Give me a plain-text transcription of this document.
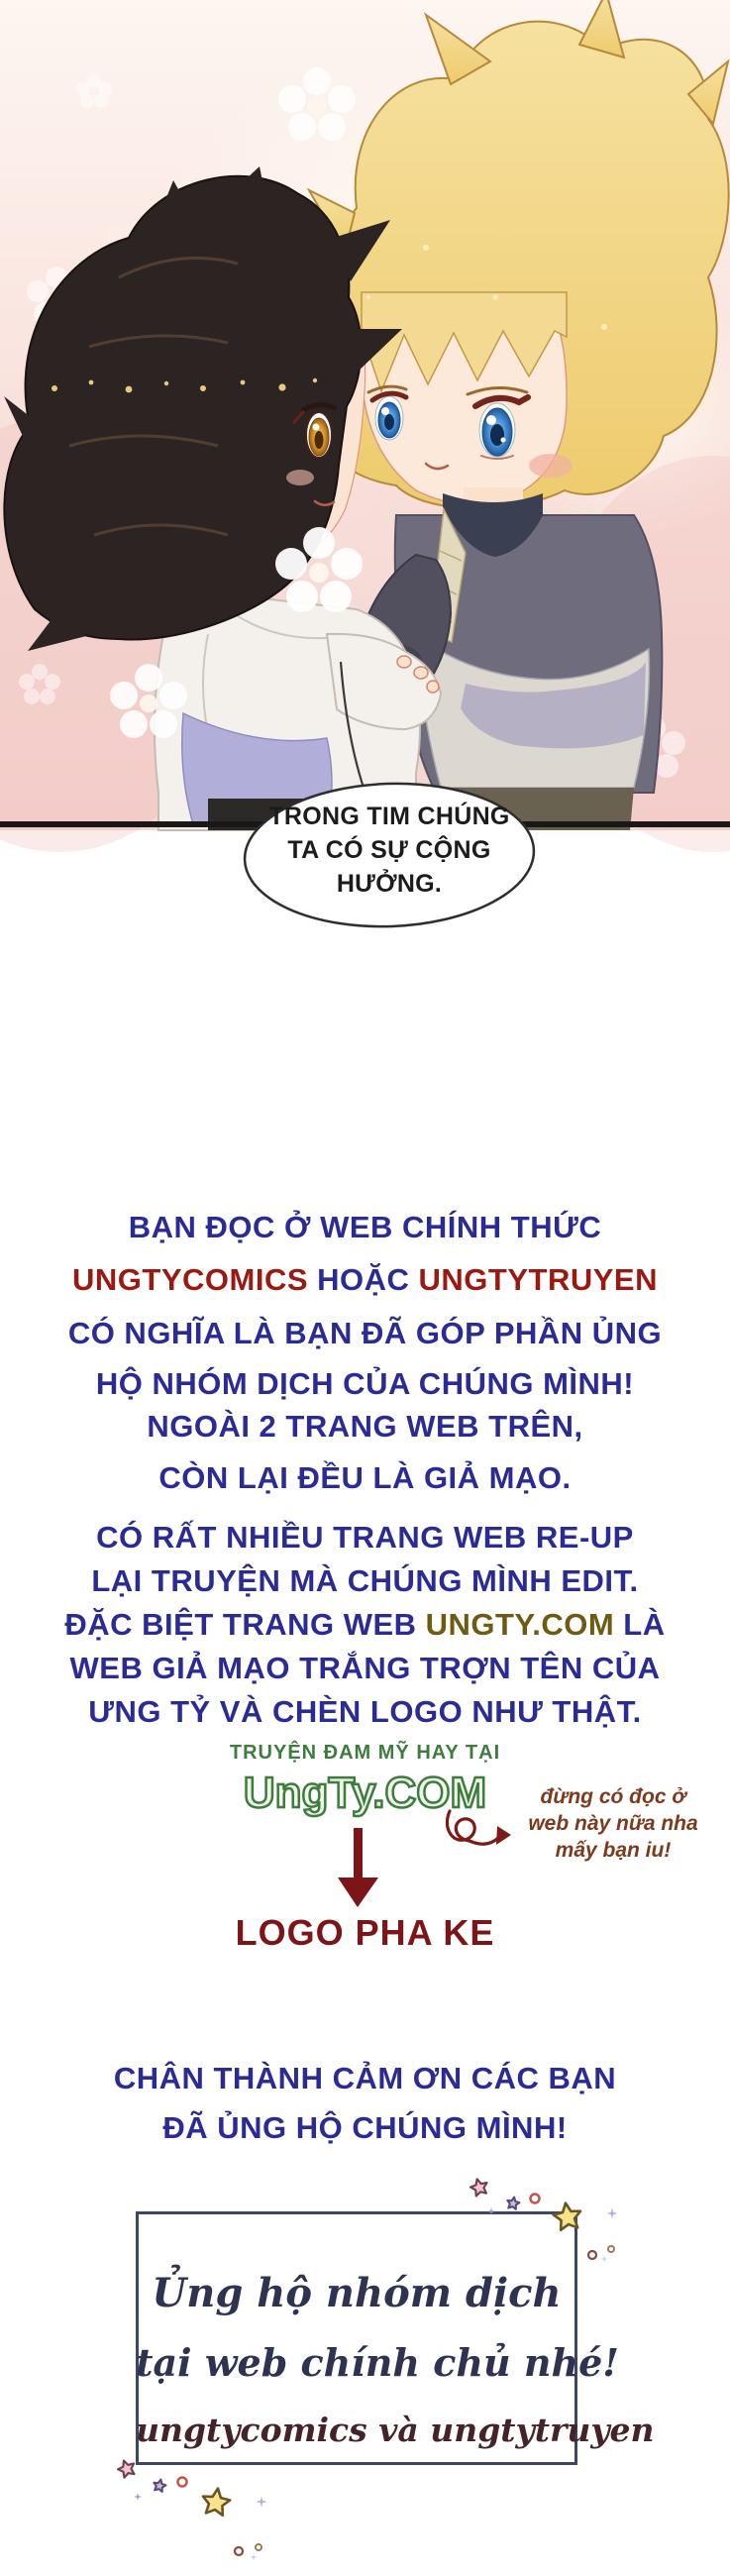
TRONG TIM CHÚNG
TA CÓ SỰ CỘNG
HƯỞNG.
BẠN ĐỌC Ở WEB CHÍNH THỨC
UNGTYCOMICS HOẶC UNGTYTRUYEN
CÓ NGHĨA LÀ BẠN ĐÃ GÓP PHẦN ỦNG
HỘ NHÓM DỊCH CỦA CHÚNG MÌNH!
NGOÀI 2 TRANG WEB TRÊN,
CÒN LẠI ĐỀU LÀ GIẢ MẠO.
CÓ RẤT NHIỀU TRANG WEB RE-UP
LẠI TRUYỆN MÀ CHÚNG MÌNH EDIT.
ĐẶC BIỆT TRANG WEB UNGTY.COM LÀ
WEB GIẢ MẠO TRẮNG TRỢN TÊN CỦA
ƯNG TỶ VÀ CHÈN LOGO NHƯ THẬT.
TRUYỆN ĐAM MỸ HAY TẠI
UngTy.COM	đừng có đọc ở
web này nữa nha
mấy bạn iu!
LOGO PHA KE
CHÂN THÀNH CẢM ƠN CÁC BẠN
ĐÃ ỦNG HỘ CHÚNG MÌNH!
Ủng hộ nhóm dịch
tại web chính chủ nhé!
ungtycomics và ungtytruyen
